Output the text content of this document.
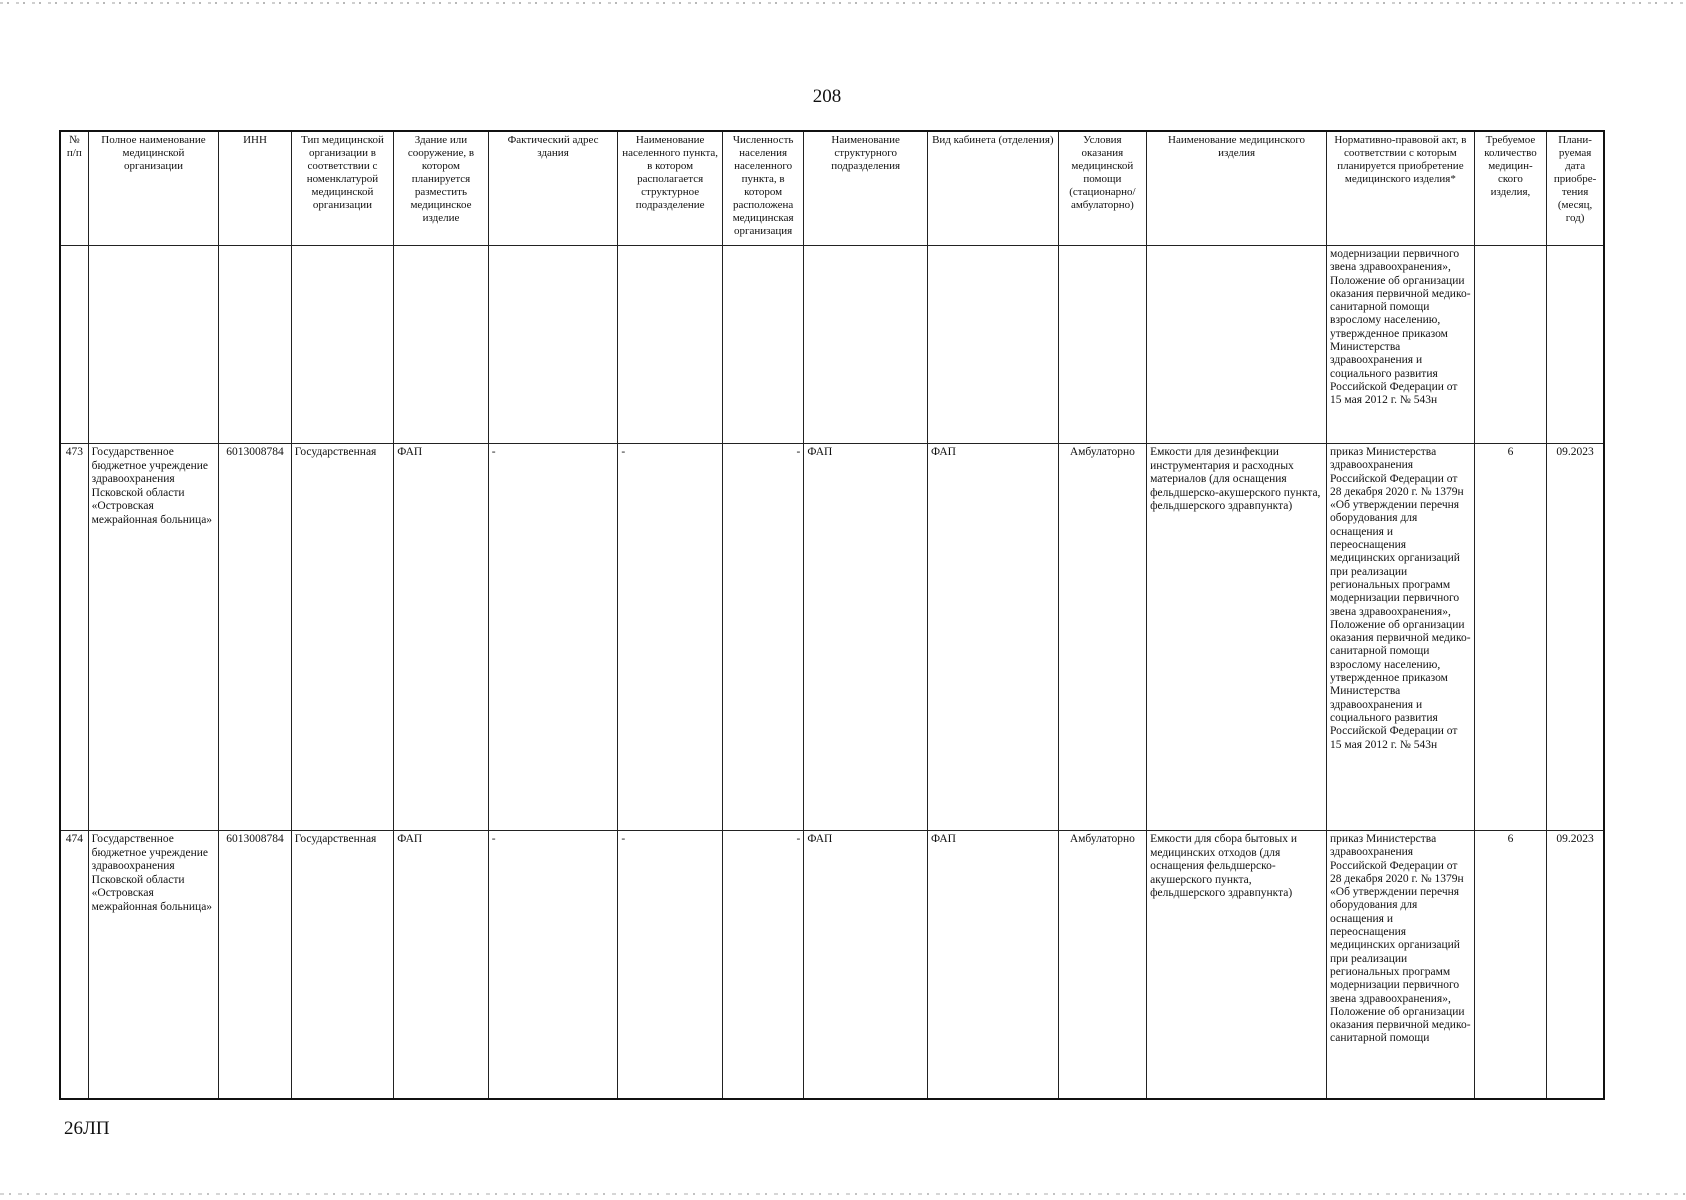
208
№ п/п	Полное наименование медицинской организации	ИНН	Тип медицинской организации в соответствии с номенклатурой медицинской организации	Здание или сооружение, в котором планируется разместить медицинское изделие	Фактический адрес здания	Наименование населенного пункта, в котором располагается структурное подразделение	Численность населения населенного пункта, в котором расположена медицинская организация	Наименование структурного подразделения	Вид кабинета (отделения)	Условия оказания медицинской помощи (стационарно/ амбулаторно)	Наименование медицинского изделия	Нормативно-правовой акт, в соответствии с которым планируется приобретение медицинского изделия*	Требуемое количество медицин-ского изделия,	Плани-руемая дата приобре-тения (месяц, год)
												модернизации первичного звена здравоохранения», Положение об организации оказания первичной медико-санитарной помощи взрослому населению, утвержденное приказом Министерства здравоохранения и социального развития Российской Федерации от 15 мая 2012 г. № 543н		
473	Государственное бюджетное учреждение здравоохранения Псковской области «Островская межрайонная больница»	6013008784	Государственная	ФАП	-	-	-	ФАП	ФАП	Амбулаторно	Емкости для дезинфекции инструментария и расходных материалов (для оснащения фельдшерско-акушерского пункта, фельдшерского здравпункта)	приказ Министерства здравоохранения Российской Федерации от 28 декабря 2020 г. № 1379н «Об утверждении перечня оборудования для оснащения и переоснащения медицинских организаций при реализации региональных программ модернизации первичного звена здравоохранения», Положение об организации оказания первичной медико-санитарной помощи взрослому населению, утвержденное приказом Министерства здравоохранения и социального развития Российской Федерации от 15 мая 2012 г. № 543н	6	09.2023
474	Государственное бюджетное учреждение здравоохранения Псковской области «Островская межрайонная больница»	6013008784	Государственная	ФАП	-	-	-	ФАП	ФАП	Амбулаторно	Емкости для сбора бытовых и медицинских отходов (для оснащения фельдшерско-акушерского пункта, фельдшерского здравпункта)	приказ Министерства здравоохранения Российской Федерации от 28 декабря 2020 г. № 1379н «Об утверждении перечня оборудования для оснащения и переоснащения медицинских организаций при реализации региональных программ модернизации первичного звена здравоохранения», Положение об организации оказания первичной медико-санитарной помощи	6	09.2023
26ЛП
